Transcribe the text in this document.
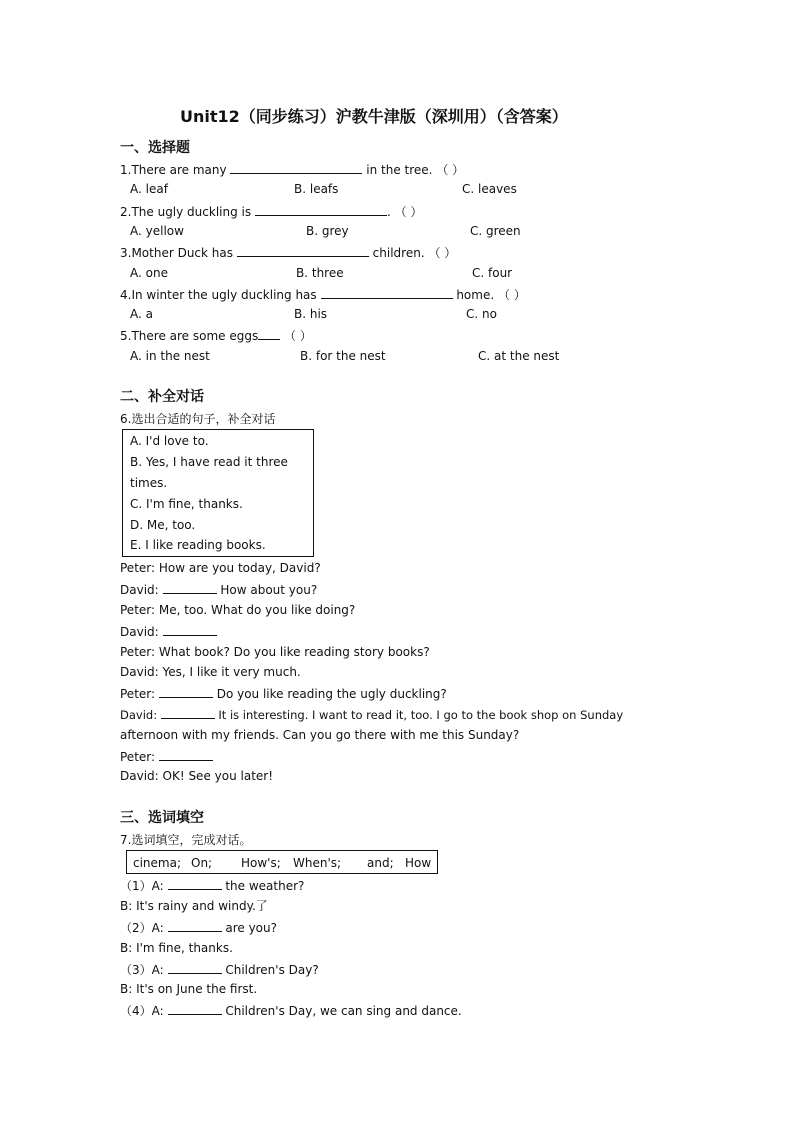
Unit12（同步练习）沪教牛津版（深圳用）（含答案）
一、选择题
1.There are many	in the tree. （ ）
A. leaf	B. leafs	C. leaves
2.The ugly duckling is	. （ ）
A. yellow	B. grey	C. green
3.Mother Duck has	children. （ ）
A. one	B. three	C. four
4.In winter the ugly duckling has	home. （ ）
A. a	B. his	C. no
5.There are some eggs （ ）
A. in the nest	B. for the nest	C. at the nest
二、补全对话
6.选出合适的句子，补全对话
A. I'd love to.
B. Yes, I have read it three
times.
C. I'm fine, thanks.
D. Me, too.
E. I like reading books.
Peter: How are you today, David?
David:	How about you?
Peter: Me, too. What do you like doing?
David:
Peter: What book? Do you like reading story books?
David: Yes, I like it very much.
Peter:	Do you like reading the ugly duckling?
David:	It is interesting. I want to read it, too. I go to the book shop on Sunday
afternoon with my friends. Can you go there with me this Sunday?
Peter:
David: OK! See you later!
三、选词填空
7.选词填空，完成对话。
cinema; On; How's; When's; and; How
（1）A:	the weather?
B: It's rainy and windy.了
（2）A:	are you?
B: I'm fine, thanks.
（3）A:	Children's Day?
B: It's on June the first.
（4）A:	Children's Day, we can sing and dance.
